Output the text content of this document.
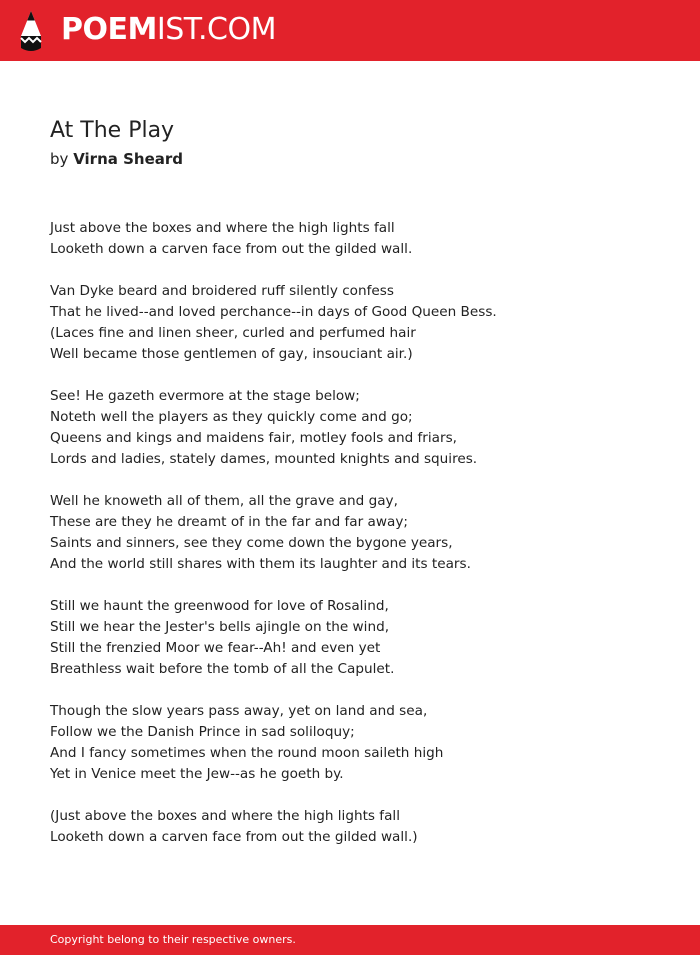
POEMIST.COM
At The Play
by Virna Sheard
Just above the boxes and where the high lights fall
Looketh down a carven face from out the gilded wall.
Van Dyke beard and broidered ruff silently confess
That he lived--and loved perchance--in days of Good Queen Bess.
(Laces fine and linen sheer, curled and perfumed hair
Well became those gentlemen of gay, insouciant air.)
See! He gazeth evermore at the stage below;
Noteth well the players as they quickly come and go;
Queens and kings and maidens fair, motley fools and friars,
Lords and ladies, stately dames, mounted knights and squires.
Well he knoweth all of them, all the grave and gay,
These are they he dreamt of in the far and far away;
Saints and sinners, see they come down the bygone years,
And the world still shares with them its laughter and its tears.
Still we haunt the greenwood for love of Rosalind,
Still we hear the Jester's bells ajingle on the wind,
Still the frenzied Moor we fear--Ah! and even yet
Breathless wait before the tomb of all the Capulet.
Though the slow years pass away, yet on land and sea,
Follow we the Danish Prince in sad soliloquy;
And I fancy sometimes when the round moon saileth high
Yet in Venice meet the Jew--as he goeth by.
(Just above the boxes and where the high lights fall
Looketh down a carven face from out the gilded wall.)
Copyright belong to their respective owners.
